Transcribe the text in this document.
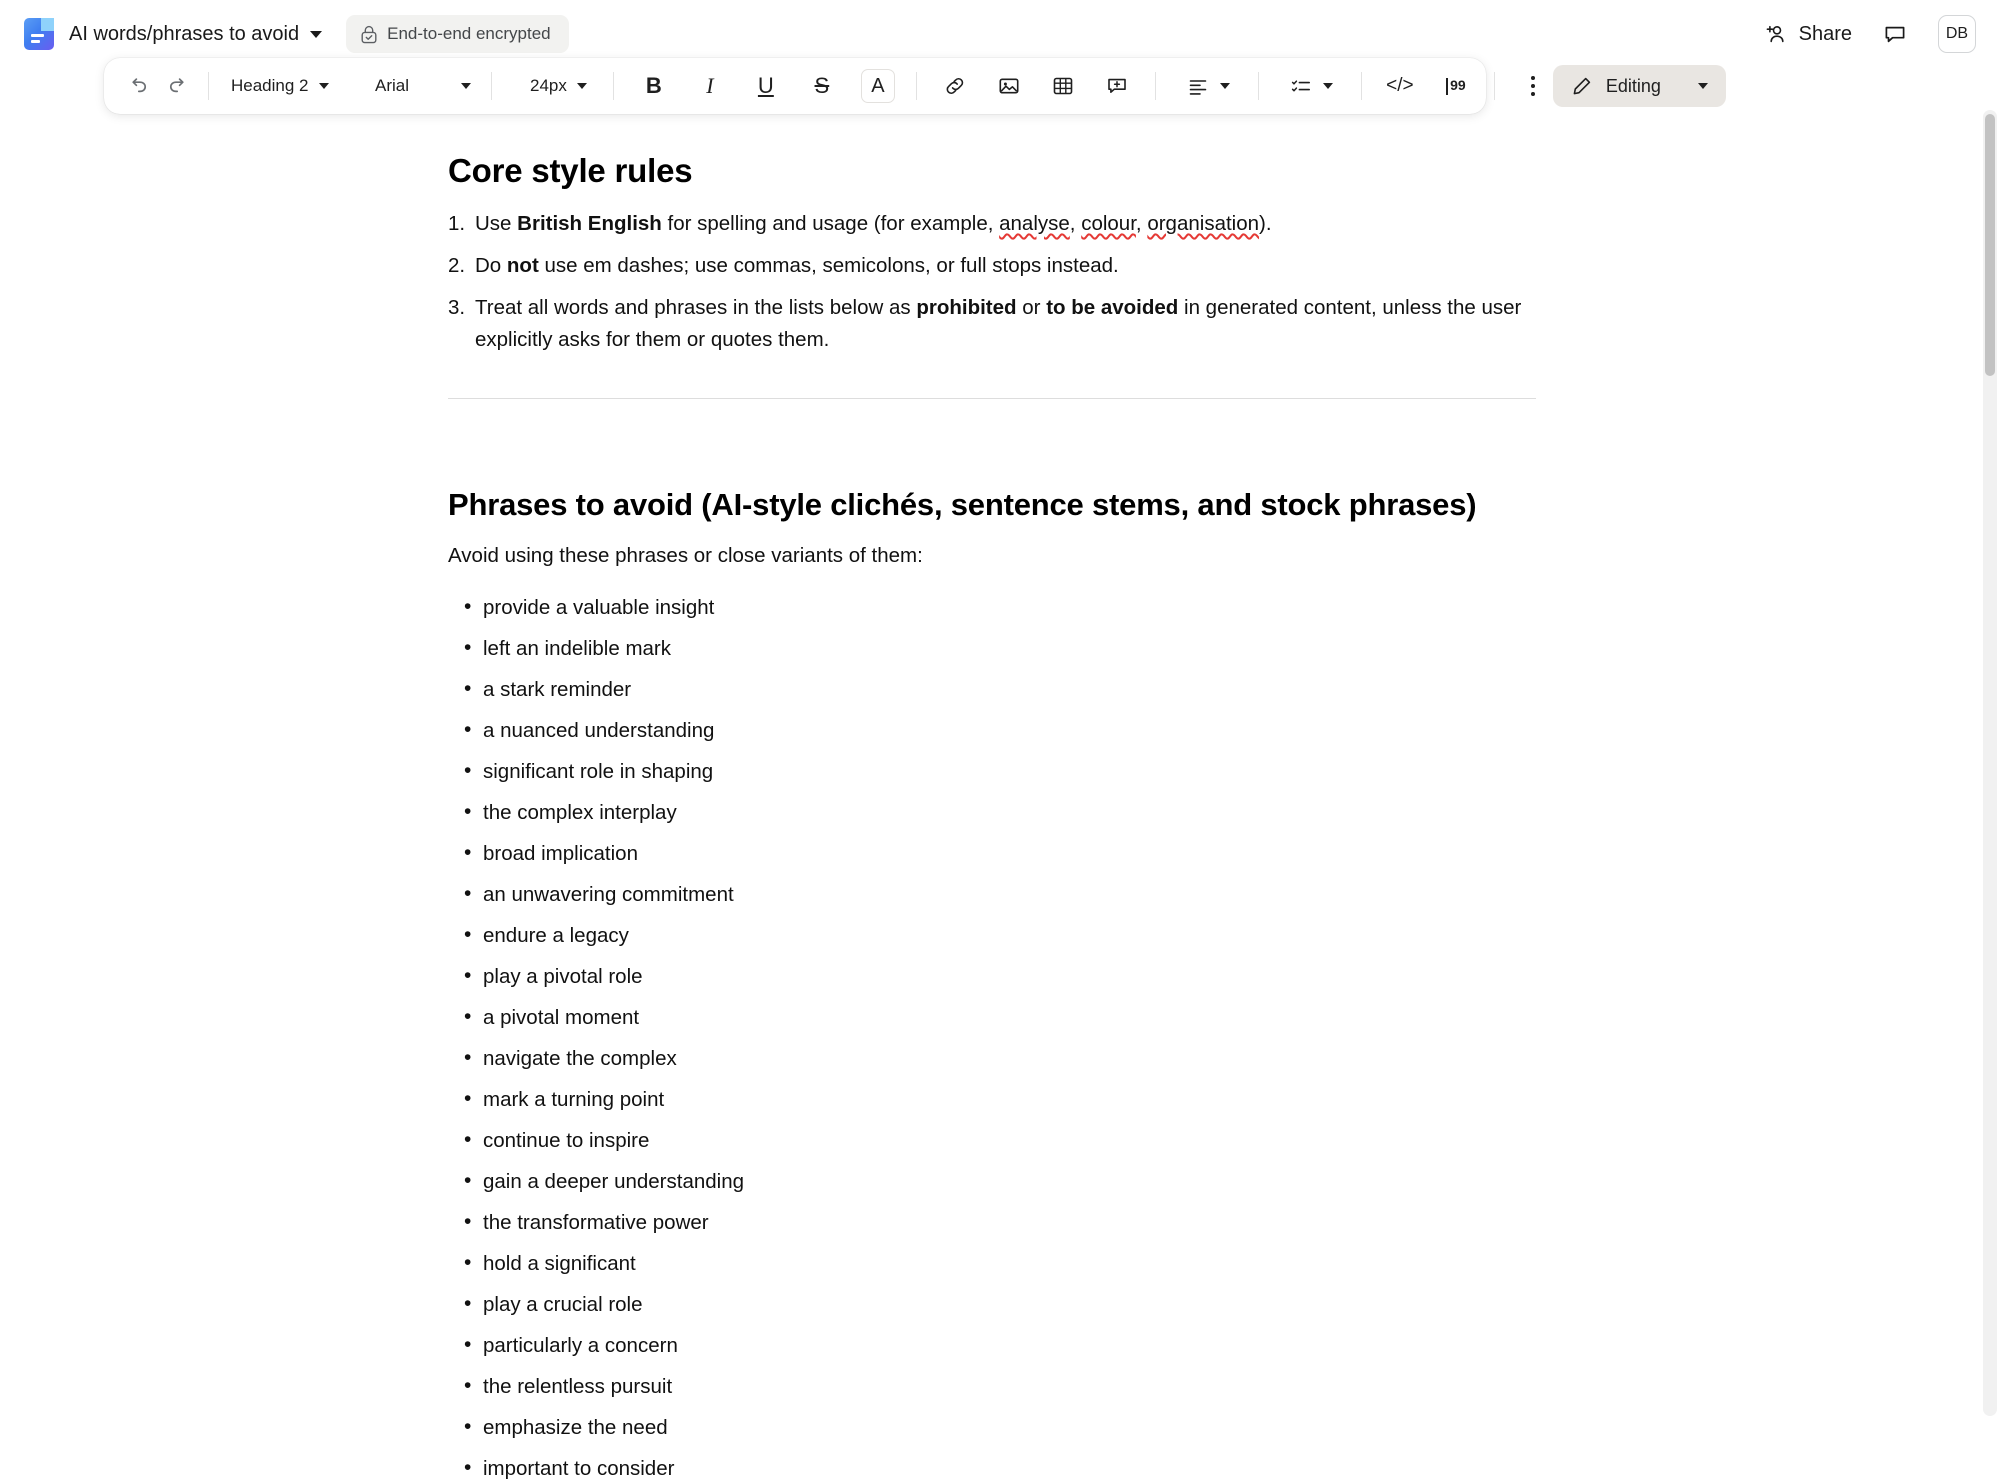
AI words/phrases to avoid	End-to-end encrypted	Share	DB
Heading 2	Arial	24px	B I U S	A	</>	99	Editing
Core style rules
1. Use British English for spelling and usage (for example, analyse, colour, organisation).
2. Do not use em dashes; use commas, semicolons, or full stops instead.
3. Treat all words and phrases in the lists below as prohibited or to be avoided in generated content, unless the user explicitly asks for them or quotes them.
Phrases to avoid (AI-style clichés, sentence stems, and stock phrases)

Avoid using these phrases or close variants of them:

• provide a valuable insight
• left an indelible mark
• a stark reminder
• a nuanced understanding
• significant role in shaping
• the complex interplay
• broad implication
• an unwavering commitment
• endure a legacy
• play a pivotal role
• a pivotal moment
• navigate the complex
• mark a turning point
• continue to inspire
• gain a deeper understanding
• the transformative power
• hold a significant
• play a crucial role
• particularly a concern
• the relentless pursuit
• emphasize the need
• important to consider
